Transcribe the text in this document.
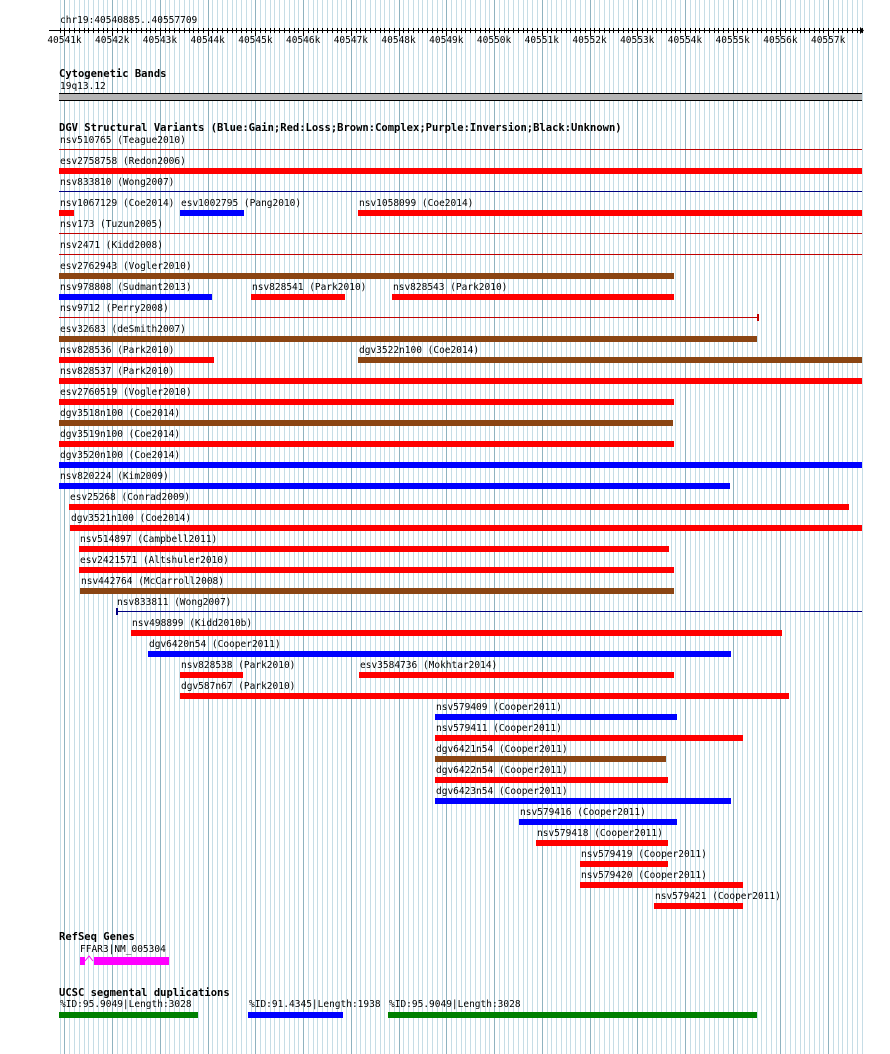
chr19:40540885..40557709
40541k 40542k 40543k 40544k 40545k 40546k 40547k 40548k 40549k 40550k 40551k 40552k 40553k 40554k 40555k 40556k 40557k
Cytogenetic Bands
19q13.12
DGV Structural Variants (Blue:Gain;Red:Loss;Brown:Complex;Purple:Inversion;Black:Unknown)
nsv510765 (Teague2010)
esv2758758 (Redon2006)
nsv833810 (Wong2007)
nsv1067129 (Coe2014) esv1002795 (Pang2010)	nsv1058099 (Coe2014)
nsv173 (Tuzun2005)
nsv2471 (Kidd2008)
esv2762943 (Vogler2010)
nsv978808 (Sudmant2013)	nsv828541 (Park2010)	nsv828543 (Park2010)
nsv9712 (Perry2008)
esv32683 (deSmith2007)
nsv828536 (Park2010)	dgv3522n100 (Coe2014)
nsv828537 (Park2010)
esv2760519 (Vogler2010)
dgv3518n100 (Coe2014)
dgv3519n100 (Coe2014)
dgv3520n100 (Coe2014)
nsv820224 (Kim2009)
esv25268 (Conrad2009)
dgv3521n100 (Coe2014)
nsv514897 (Campbell2011)
esv2421571 (Altshuler2010)
nsv442764 (McCarroll2008)
nsv833811 (Wong2007)
nsv498899 (Kidd2010b)
dgv6420n54 (Cooper2011)
nsv828538 (Park2010)	esv3584736 (Mokhtar2014)
dgv587n67 (Park2010)
nsv579409 (Cooper2011)
nsv579411 (Cooper2011)
dgv6421n54 (Cooper2011)
dgv6422n54 (Cooper2011)
dgv6423n54 (Cooper2011)
nsv579416 (Cooper2011)
nsv579418 (Cooper2011)
nsv579419 (Cooper2011)
nsv579420 (Cooper2011)
nsv579421 (Cooper2011)
RefSeq Genes
FFAR3|NM_005304
UCSC segmental duplications
%ID:95.9049|Length:3028	%ID:91.4345|Length:1938 %ID:95.9049|Length:3028
